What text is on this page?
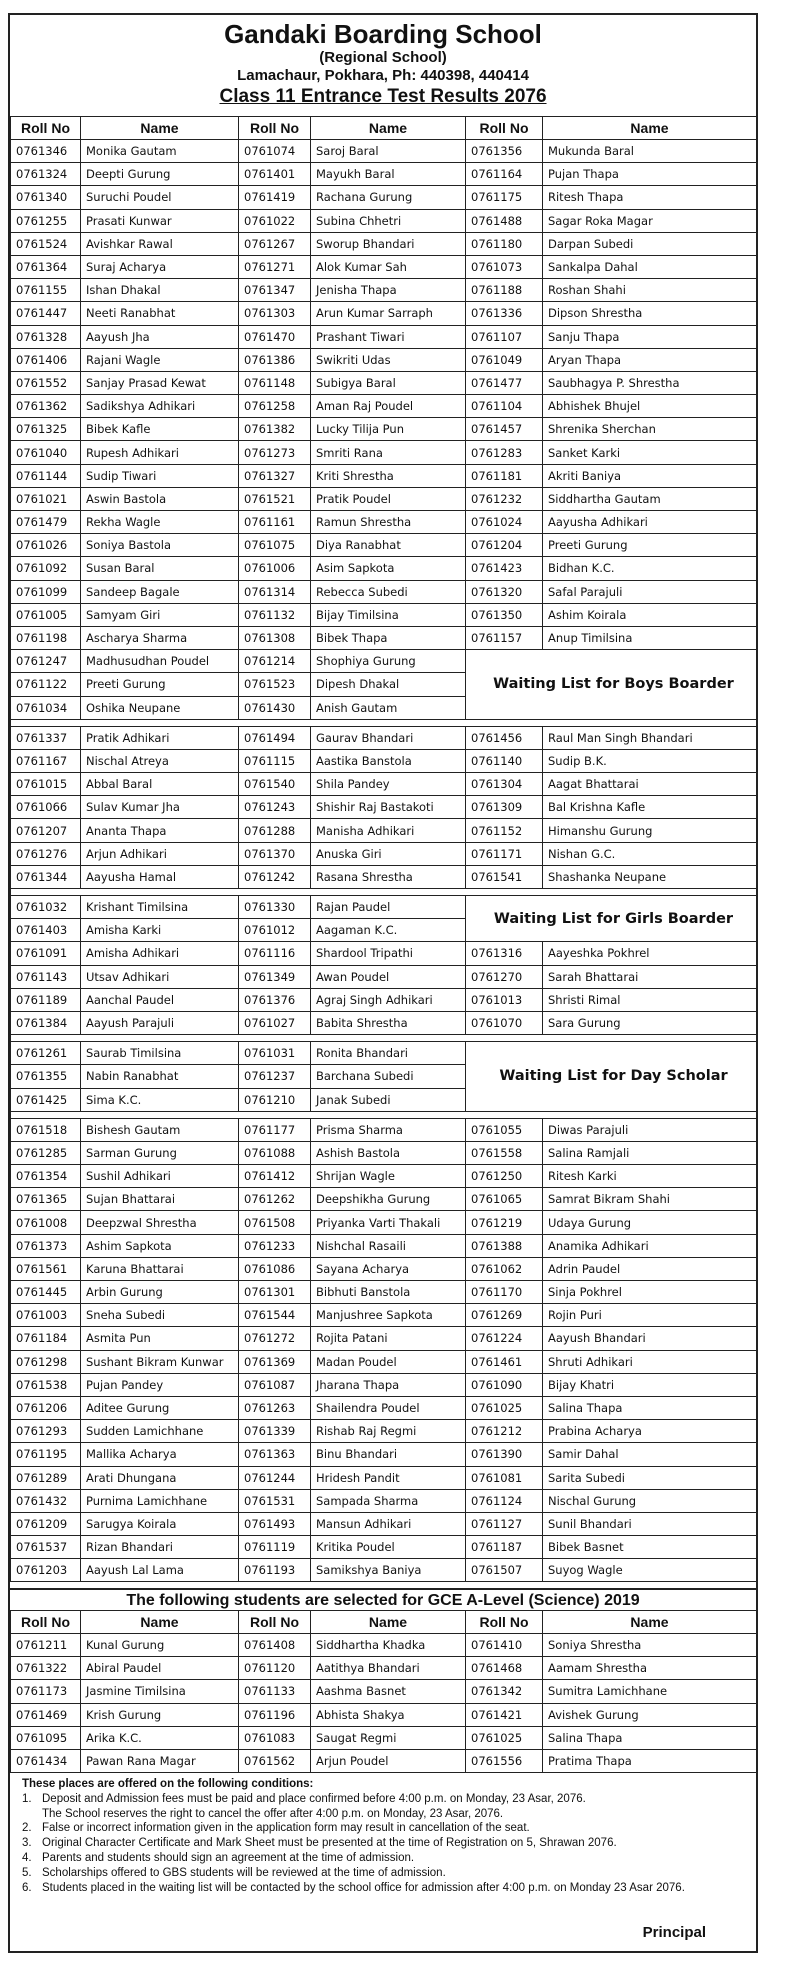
Gandaki Boarding School
(Regional School)
Lamachaur, Pokhara, Ph: 440398, 440414
Class 11 Entrance Test Results 2076
Roll No	Name	Roll No	Name	Roll No	Name
0761346	Monika Gautam	0761074	Saroj Baral	0761356	Mukunda Baral
0761324	Deepti Gurung	0761401	Mayukh Baral	0761164	Pujan Thapa
0761340	Suruchi Poudel	0761419	Rachana Gurung	0761175	Ritesh Thapa
0761255	Prasati Kunwar	0761022	Subina Chhetri	0761488	Sagar Roka Magar
0761524	Avishkar Rawal	0761267	Sworup Bhandari	0761180	Darpan Subedi
0761364	Suraj Acharya	0761271	Alok Kumar Sah	0761073	Sankalpa Dahal
0761155	Ishan Dhakal	0761347	Jenisha Thapa	0761188	Roshan Shahi
0761447	Neeti Ranabhat	0761303	Arun Kumar Sarraph	0761336	Dipson Shrestha
0761328	Aayush Jha	0761470	Prashant Tiwari	0761107	Sanju Thapa
0761406	Rajani Wagle	0761386	Swikriti Udas	0761049	Aryan Thapa
0761552	Sanjay Prasad Kewat	0761148	Subigya Baral	0761477	Saubhagya P. Shrestha
0761362	Sadikshya Adhikari	0761258	Aman Raj Poudel	0761104	Abhishek Bhujel
0761325	Bibek Kafle	0761382	Lucky Tilija Pun	0761457	Shrenika Sherchan
0761040	Rupesh Adhikari	0761273	Smriti Rana	0761283	Sanket Karki
0761144	Sudip Tiwari	0761327	Kriti Shrestha	0761181	Akriti Baniya
0761021	Aswin Bastola	0761521	Pratik Poudel	0761232	Siddhartha Gautam
0761479	Rekha Wagle	0761161	Ramun Shrestha	0761024	Aayusha Adhikari
0761026	Soniya Bastola	0761075	Diya Ranabhat	0761204	Preeti Gurung
0761092	Susan Baral	0761006	Asim Sapkota	0761423	Bidhan K.C.
0761099	Sandeep Bagale	0761314	Rebecca Subedi	0761320	Safal Parajuli
0761005	Samyam Giri	0761132	Bijay Timilsina	0761350	Ashim Koirala
0761198	Ascharya Sharma	0761308	Bibek Thapa	0761157	Anup Timilsina
0761247	Madhusudhan Poudel	0761214	Shophiya Gurung	Waiting List for Boys Boarder	
0761122	Preeti Gurung	0761523	Dipesh Dhakal		
0761034	Oshika Neupane	0761430	Anish Gautam		

0761337	Pratik Adhikari	0761494	Gaurav Bhandari	0761456	Raul Man Singh Bhandari
0761167	Nischal Atreya	0761115	Aastika Banstola	0761140	Sudip B.K.
0761015	Abbal Baral	0761540	Shila Pandey	0761304	Aagat Bhattarai
0761066	Sulav Kumar Jha	0761243	Shishir Raj Bastakoti	0761309	Bal Krishna Kafle
0761207	Ananta Thapa	0761288	Manisha Adhikari	0761152	Himanshu Gurung
0761276	Arjun Adhikari	0761370	Anuska Giri	0761171	Nishan G.C.
0761344	Aayusha Hamal	0761242	Rasana Shrestha	0761541	Shashanka Neupane

0761032	Krishant Timilsina	0761330	Rajan Paudel	Waiting List for Girls Boarder	
0761403	Amisha Karki	0761012	Aagaman K.C.		
0761091	Amisha Adhikari	0761116	Shardool Tripathi	0761316	Aayeshka Pokhrel
0761143	Utsav Adhikari	0761349	Awan Poudel	0761270	Sarah Bhattarai
0761189	Aanchal Paudel	0761376	Agraj Singh Adhikari	0761013	Shristi Rimal
0761384	Aayush Parajuli	0761027	Babita Shrestha	0761070	Sara Gurung

0761261	Saurab Timilsina	0761031	Ronita Bhandari	Waiting List for Day Scholar	
0761355	Nabin Ranabhat	0761237	Barchana Subedi		
0761425	Sima K.C.	0761210	Janak Subedi		

0761518	Bishesh Gautam	0761177	Prisma Sharma	0761055	Diwas Parajuli
0761285	Sarman Gurung	0761088	Ashish Bastola	0761558	Salina Ramjali
0761354	Sushil Adhikari	0761412	Shrijan Wagle	0761250	Ritesh Karki
0761365	Sujan Bhattarai	0761262	Deepshikha Gurung	0761065	Samrat Bikram Shahi
0761008	Deepzwal Shrestha	0761508	Priyanka Varti Thakali	0761219	Udaya Gurung
0761373	Ashim Sapkota	0761233	Nishchal Rasaili	0761388	Anamika Adhikari
0761561	Karuna Bhattarai	0761086	Sayana Acharya	0761062	Adrin Paudel
0761445	Arbin Gurung	0761301	Bibhuti Banstola	0761170	Sinja Pokhrel
0761003	Sneha Subedi	0761544	Manjushree Sapkota	0761269	Rojin Puri
0761184	Asmita Pun	0761272	Rojita Patani	0761224	Aayush Bhandari
0761298	Sushant Bikram Kunwar	0761369	Madan Poudel	0761461	Shruti Adhikari
0761538	Pujan Pandey	0761087	Jharana Thapa	0761090	Bijay Khatri
0761206	Aditee Gurung	0761263	Shailendra Poudel	0761025	Salina Thapa
0761293	Sudden Lamichhane	0761339	Rishab Raj Regmi	0761212	Prabina Acharya
0761195	Mallika Acharya	0761363	Binu Bhandari	0761390	Samir Dahal
0761289	Arati Dhungana	0761244	Hridesh Pandit	0761081	Sarita Subedi
0761432	Purnima Lamichhane	0761531	Sampada Sharma	0761124	Nischal Gurung
0761209	Sarugya Koirala	0761493	Mansun Adhikari	0761127	Sunil Bhandari
0761537	Rizan Bhandari	0761119	Kritika Poudel	0761187	Bibek Basnet
0761203	Aayush Lal Lama	0761193	Samikshya Baniya	0761507	Suyog Wagle
The following students are selected for GCE A-Level (Science) 2019
Roll No	Name	Roll No	Name	Roll No	Name
0761211	Kunal Gurung	0761408	Siddhartha Khadka	0761410	Soniya Shrestha
0761322	Abiral Paudel	0761120	Aatithya Bhandari	0761468	Aamam Shrestha
0761173	Jasmine Timilsina	0761133	Aashma Basnet	0761342	Sumitra Lamichhane
0761469	Krish Gurung	0761196	Abhista Shakya	0761421	Avishek Gurung
0761095	Arika K.C.	0761083	Saugat Regmi	0761025	Salina Thapa
0761434	Pawan Rana Magar	0761562	Arjun Poudel	0761556	Pratima Thapa
These places are offered on the following conditions:
1. Deposit and Admission fees must be paid and place confirmed before 4:00 p.m. on Monday, 23 Asar, 2076.
The School reserves the right to cancel the offer after 4:00 p.m. on Monday, 23 Asar, 2076.
2. False or incorrect information given in the application form may result in cancellation of the seat.
3. Original Character Certificate and Mark Sheet must be presented at the time of Registration on 5, Shrawan 2076.
4. Parents and students should sign an agreement at the time of admission.
5. Scholarships offered to GBS students will be reviewed at the time of admission.
6. Students placed in the waiting list will be contacted by the school office for admission after 4:00 p.m. on Monday 23 Asar 2076.
Principal
